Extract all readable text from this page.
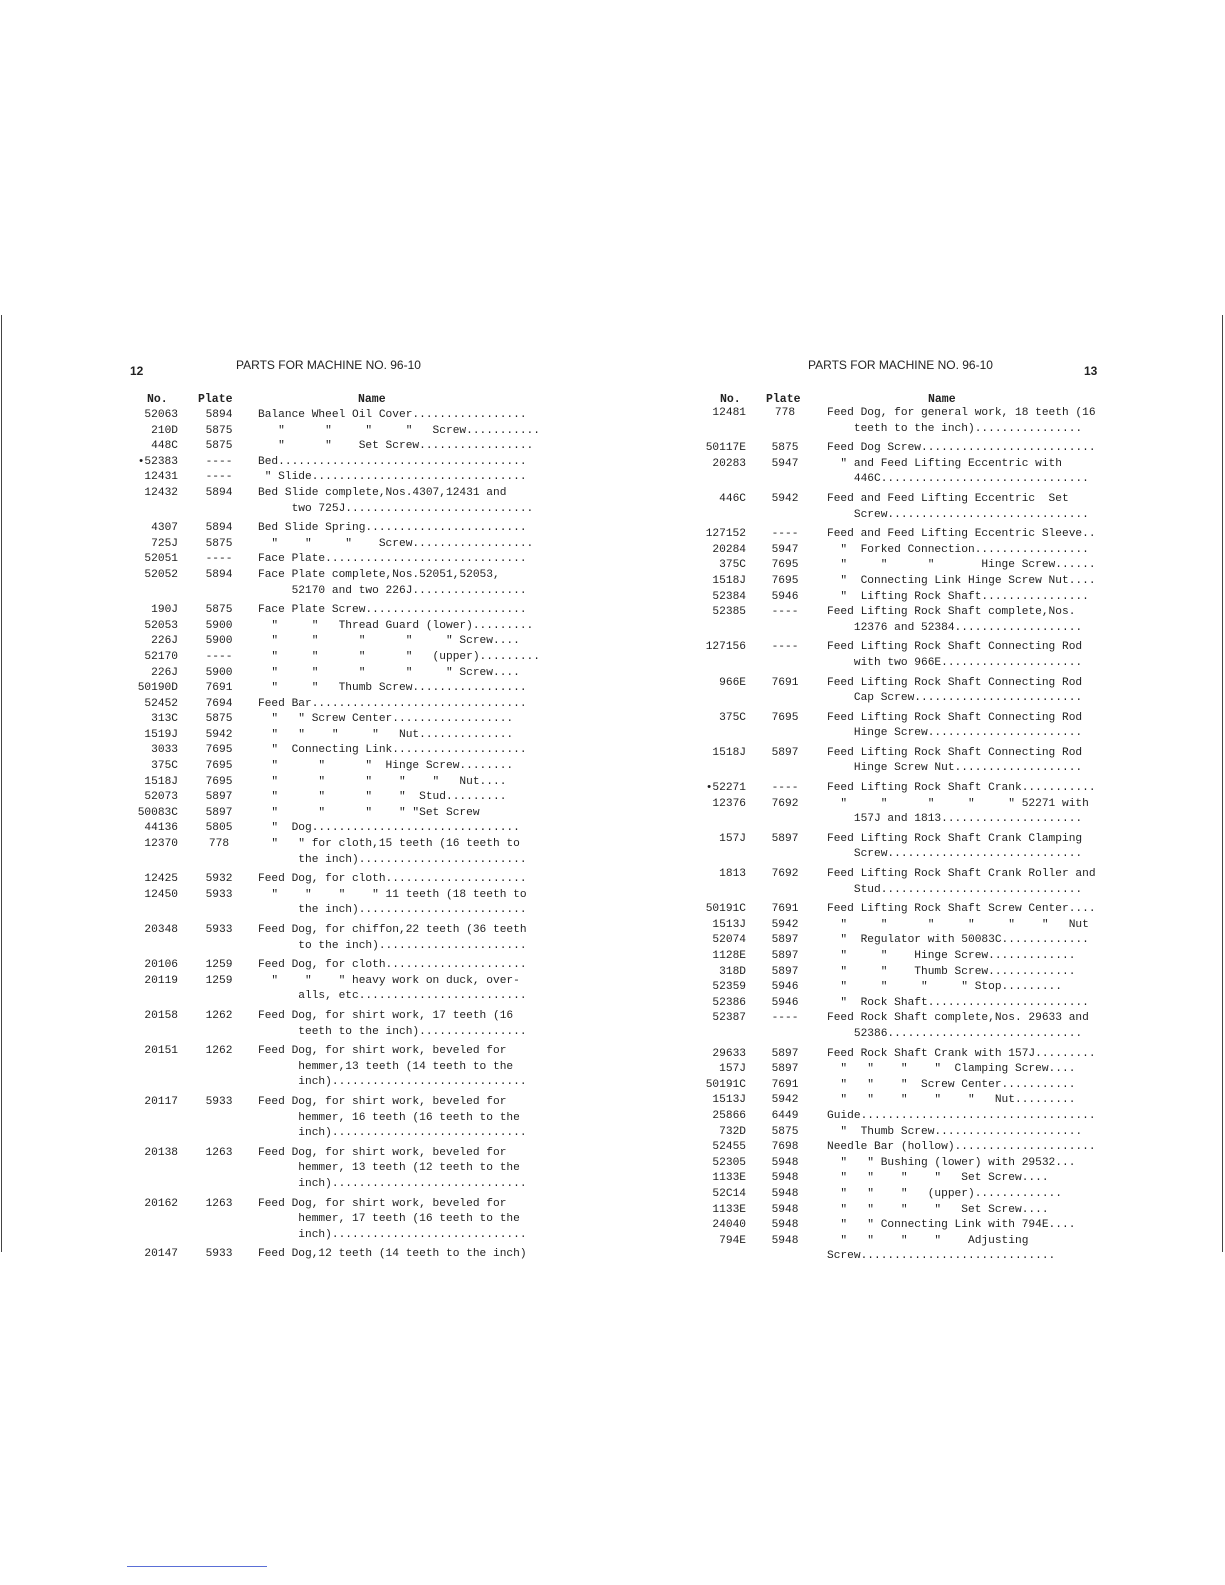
12	PARTS FOR MACHINE NO. 96-10
No.	Plate	Name
52063	5894	Balance Wheel Oil Cover.................
210D	5875	"      "     "     "   Screw...........
448C	5875	"      "    Set Screw.................
•52383	----	Bed.....................................
12431	----	" Slide................................
12432	5894	Bed Slide complete,Nos.4307,12431 and
two 725J............................
4307	5894	Bed Slide Spring........................
725J	5875	"    "     "    Screw..................
52051	----	Face Plate..............................
52052	5894	Face Plate complete,Nos.52051,52053,
52170 and two 226J.................
190J	5875	Face Plate Screw........................
52053	5900	"     "   Thread Guard (lower).........
226J	5900	"     "      "      "     " Screw....
52170	----	"     "      "      "   (upper).........
226J	5900	"     "      "      "     " Screw....
50190D	7691	"     "   Thumb Screw.................
52452	7694	Feed Bar................................
313C	5875	"   " Screw Center..................
1519J	5942	"   "    "     "   Nut..............
3033	7695	"  Connecting Link....................
375C	7695	"      "      "  Hinge Screw........
1518J	7695	"      "      "    "    "   Nut....
52073	5897	"      "      "    "  Stud.........
50083C	5897	"      "      "    " "Set Screw
44136	5805	"  Dog...............................
12370	778	"   " for cloth,15 teeth (16 teeth to
the inch).........................
12425	5932	Feed Dog, for cloth.....................
12450	5933	"    "    "    " 11 teeth (18 teeth to
the inch).........................
20348	5933	Feed Dog, for chiffon,22 teeth (36 teeth
to the inch)......................
20106	1259	Feed Dog, for cloth.....................
20119	1259	"    "    " heavy work on duck, over-
alls, etc.........................
20158	1262	Feed Dog, for shirt work, 17 teeth (16
teeth to the inch)................
20151	1262	Feed Dog, for shirt work, beveled for
hemmer,13 teeth (14 teeth to the
inch).............................
20117	5933	Feed Dog, for shirt work, beveled for
hemmer, 16 teeth (16 teeth to the
inch).............................
20138	1263	Feed Dog, for shirt work, beveled for
hemmer, 13 teeth (12 teeth to the
inch).............................
20162	1263	Feed Dog, for shirt work, beveled for
hemmer, 17 teeth (16 teeth to the
inch).............................
20147	5933	Feed Dog,12 teeth (14 teeth to the inch)
PARTS FOR MACHINE NO. 96-10	13
No. Plate	Name
12481	778	Feed Dog, for general work, 18 teeth (16
teeth to the inch)................
50117E	5875	Feed Dog Screw..........................
20283	5947	" and Feed Lifting Eccentric with
446C...............................
446C	5942	Feed and Feed Lifting Eccentric  Set
Screw..............................
127152	----	Feed and Feed Lifting Eccentric Sleeve..
20284	5947	"  Forked Connection.................
375C	7695	"     "      "       Hinge Screw......
1518J	7695	"  Connecting Link Hinge Screw Nut....
52384	5946	"  Lifting Rock Shaft................
52385	----	Feed Lifting Rock Shaft complete,Nos.
12376 and 52384...................
127156	----	Feed Lifting Rock Shaft Connecting Rod
with two 966E.....................
966E	7691	Feed Lifting Rock Shaft Connecting Rod
Cap Screw.........................
375C	7695	Feed Lifting Rock Shaft Connecting Rod
Hinge Screw.......................
1518J	5897	Feed Lifting Rock Shaft Connecting Rod
Hinge Screw Nut...................
•52271	----	Feed Lifting Rock Shaft Crank...........
12376	7692	"     "      "     "     " 52271 with
157J and 1813.....................
157J	5897	Feed Lifting Rock Shaft Crank Clamping
Screw.............................
1813	7692	Feed Lifting Rock Shaft Crank Roller and
Stud..............................
50191C	7691	Feed Lifting Rock Shaft Screw Center....
1513J	5942	"     "      "     "     "    "   Nut
52074	5897	"  Regulator with 50083C.............
1128E	5897	"     "    Hinge Screw.............
318D	5897	"     "    Thumb Screw.............
52359	5946	"     "     "     " Stop.........
52386	5946	"  Rock Shaft........................
52387	----	Feed Rock Shaft complete,Nos. 29633 and
52386.............................
29633	5897	Feed Rock Shaft Crank with 157J.........
157J	5897	"   "    "    "  Clamping Screw....
50191C	7691	"   "    "  Screw Center...........
1513J	5942	"   "    "    "    "   Nut.........
25866	6449	Guide...................................
732D	5875	"  Thumb Screw......................
52455	7698	Needle Bar (hollow).....................
52305	5948	"   " Bushing (lower) with 29532...
1133E	5948	"   "    "    "   Set Screw....
52C14	5948	"   "    "   (upper).............
1133E	5948	"   "    "    "   Set Screw....
24040	5948	"   " Connecting Link with 794E....
794E	5948	"   "    "    "    Adjusting
Screw.............................
